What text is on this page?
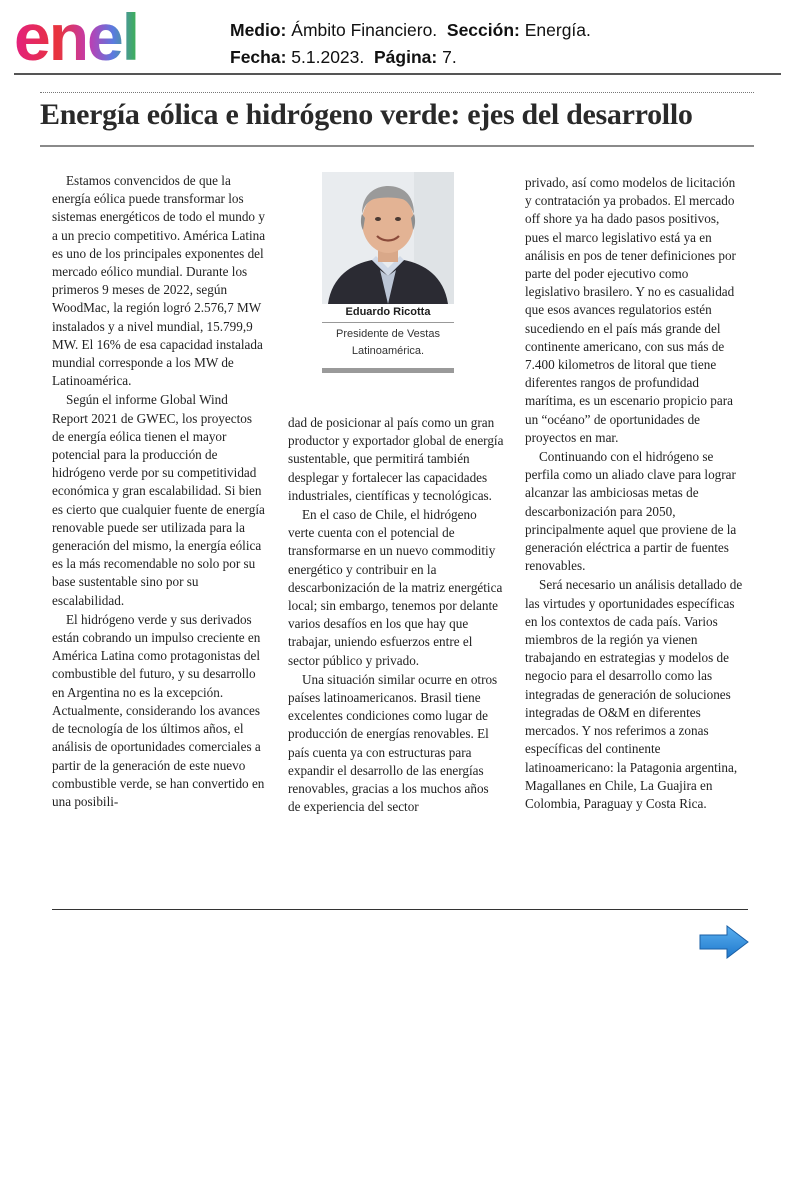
enel	Medio: Ámbito Financiero. Sección: Energía.
Fecha: 5.1.2023. Página: 7.
Energía eólica e hidrógeno verde: ejes del desarrollo

Estamos convencidos de que la energía eólica puede transformar los sistemas energéticos de todo el mundo y a un precio competitivo. América Latina es uno de los principales exponentes del mercado eólico mundial. Durante los primeros 9 meses de 2022, según WoodMac, la región logró 2.576,7 MW instalados y a nivel mundial, 15.799,9 MW. El 16% de esa capacidad instalada mundial corresponde a los MW de Latinoamérica.

Según el informe Global Wind Report 2021 de GWEC, los proyectos de energía eólica tienen el mayor potencial para la producción de hidrógeno verde por su competitividad económica y gran escalabilidad. Si bien es cierto que cualquier fuente de energía renovable puede ser utilizada para la generación del mismo, la energía eólica es la más recomendable no solo por su base sustentable sino por su escalabilidad.

El hidrógeno verde y sus derivados están cobrando un impulso creciente en América Latina como protagonistas del combustible del futuro, y su desarrollo en Argentina no es la excepción. Actualmente, considerando los avances de tecnología de los últimos años, el análisis de oportunidades comerciales a partir de la generación de este nuevo combustible verde, se han convertido en una posibili-

Eduardo Ricotta
Presidente de Vestas
Latinoamérica.

dad de posicionar al país como un gran productor y exportador global de energía sustentable, que permitirá también desplegar y fortalecer las capacidades industriales, científicas y tecnológicas.

En el caso de Chile, el hidrógeno verte cuenta con el potencial de transformarse en un nuevo commoditiy energético y contribuir en la descarbonización de la matriz energética local; sin embargo, tenemos por delante varios desafíos en los que hay que trabajar, uniendo esfuerzos entre el sector público y privado.

Una situación similar ocurre en otros países latinoamericanos. Brasil tiene excelentes condiciones como lugar de producción de energías renovables. El país cuenta ya con estructuras para expandir el desarrollo de las energías renovables, gracias a los muchos años de experiencia del sector

privado, así como modelos de licitación y contratación ya probados. El mercado off shore ya ha dado pasos positivos, pues el marco legislativo está ya en análisis en pos de tener definiciones por parte del poder ejecutivo como legislativo brasilero. Y no es casualidad que esos avances regulatorios estén sucediendo en el país más grande del continente americano, con sus más de 7.400 kilometros de litoral que tiene diferentes rangos de profundidad marítima, es un escenario propicio para un “océano” de oportunidades de proyectos en mar.

Continuando con el hidrógeno se perfila como un aliado clave para lograr alcanzar las ambiciosas metas de descarbonización para 2050, principalmente aquel que proviene de la generación eléctrica a partir de fuentes renovables.

Será necesario un análisis detallado de las virtudes y oportunidades específicas en los contextos de cada país. Varios miembros de la región ya vienen trabajando en estrategias y modelos de negocio para el desarrollo como las integradas de generación de soluciones integradas de O&M en diferentes mercados. Y nos referimos a zonas específicas del continente latinoamericano: la Patagonia argentina, Magallanes en Chile, La Guajira en Colombia, Paraguay y Costa Rica.
